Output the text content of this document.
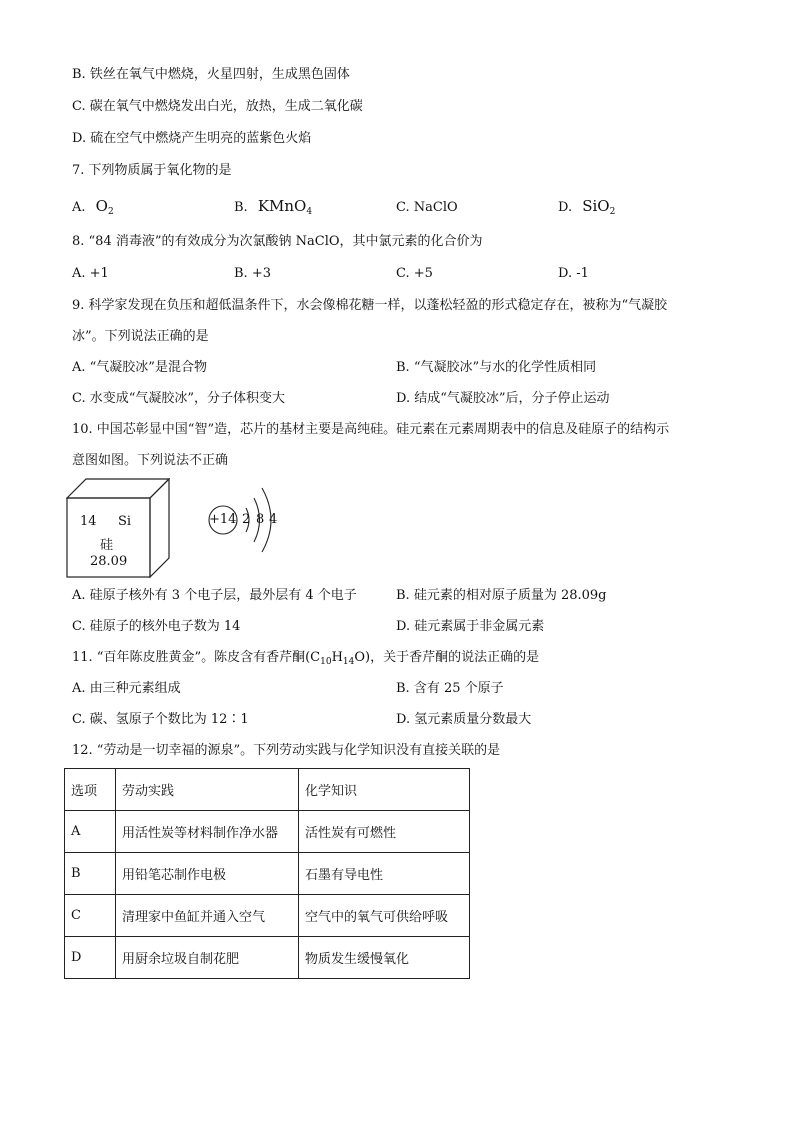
B. 铁丝在氧气中燃烧，火星四射，生成黑色固体
C. 碳在氧气中燃烧发出白光，放热，生成二氧化碳
D. 硫在空气中燃烧产生明亮的蓝紫色火焰
7. 下列物质属于氧化物的是
A. $O_2$	B. KMnO$_4$	C. NaClO	D. SiO$_2$
8. “84 消毒液”的有效成分为次氯酸钠 NaClO，其中氯元素的化合价为
A. +1	B. +3	C. +5	D. -1
9. 科学家发现在负压和超低温条件下，水会像棉花糖一样，以蓬松轻盈的形式稳定存在，被称为“气凝胶
冰”。下列说法正确的是
A. “气凝胶冰”是混合物	B. “气凝胶冰”与水的化学性质相同
C. 水变成“气凝胶冰”，分子体积变大	D. 结成“气凝胶冰”后，分子停止运动
10. 中国芯彰显中国“智”造，芯片的基材主要是高纯硅。硅元素在元素周期表中的信息及硅原子的结构示
意图如图。下列说法不正确
14 Si
硅
28.09
+14 2 8 4
A. 硅原子核外有 3 个电子层，最外层有 4 个电子	B. 硅元素的相对原子质量为 28.09g
C. 硅原子的核外电子数为 14	D. 硅元素属于非金属元素
11. “百年陈皮胜黄金”。陈皮含有香芹酮$(C_{10}H_{14}O)$，关于香芹酮的说法正确的是
A. 由三种元素组成	B. 含有 25 个原子
C. 碳、氢原子个数比为 12∶1	D. 氢元素质量分数最大
12. “劳动是一切幸福的源泉”。下列劳动实践与化学知识没有直接关联的是
选项	劳动实践	化学知识
A	用活性炭等材料制作净水器	活性炭有可燃性
B	用铅笔芯制作电极	石墨有导电性
C	清理家中鱼缸并通入空气	空气中的氧气可供给呼吸
D	用厨余垃圾自制花肥	物质发生缓慢氧化
